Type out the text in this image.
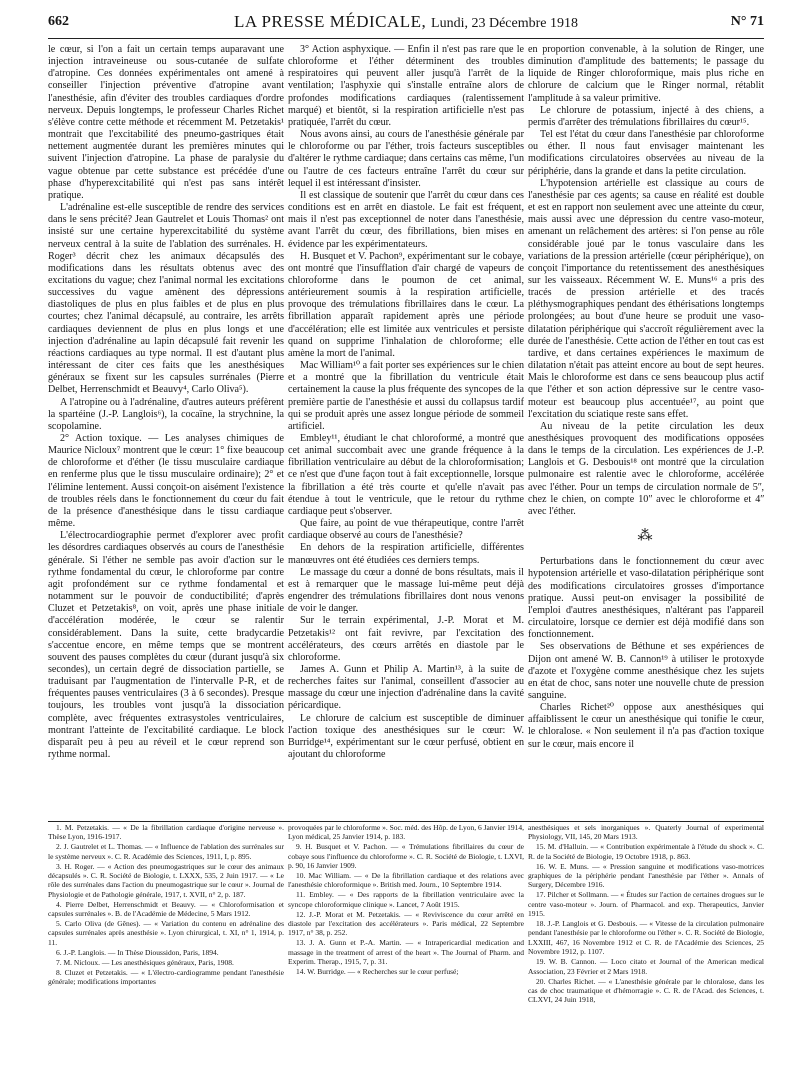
662	LA PRESSE MÉDICALE, Lundi, 23 Décembre 1918	N° 71

le cœur, si l'on a fait un certain temps auparavant une injection intraveineuse ou sous-cutanée de sulfate d'atropine. Ces données expérimentales ont amené à conseiller l'injection préventive d'atropine avant l'anesthésie, afin d'éviter des troubles cardiaques d'ordre nerveux. Depuis longtemps, le professeur Charles Richet s'élève contre cette méthode et récemment M. Petzetakis¹ montrait que l'excitabilité des pneumo-gastriques était nettement augmentée durant les premières minutes qui suivent l'injection d'atropine. La phase de paralysie du vague obtenue par cette substance est précédée d'une phase d'hyperexcitabilité qui n'est pas sans intérêt pratique.

L'adrénaline est-elle susceptible de rendre des services dans le sens précité? Jean Gautrelet et Louis Thomas² ont insisté sur une certaine hyperexcitabilité du système nerveux central à la suite de l'ablation des surrénales. H. Roger³ décrit chez les animaux décapsulés des modifications dans les résultats obtenus avec des excitations du vague; chez l'animal normal les excitations successives du vague amènent des dépressions diastoliques de plus en plus faibles et de plus en plus courtes; chez l'animal décapsulé, au contraire, les arrêts cardiaques deviennent de plus en plus longs et une injection d'adrénaline au lapin décapsulé fait revenir les réactions cardiaques au type normal. Il est d'autant plus intéressant de citer ces faits que les anesthésiques généraux se fixent sur les capsules surrénales (Pierre Delbet, Herrenschmidt et Beauvy⁴, Carlo Oliva⁵).

A l'atropine ou à l'adrénaline, d'autres auteurs préfèrent la spartéine (J.-P. Langlois⁶), la cocaïne, la strychnine, la scopolamine.

2° Action toxique. — Les analyses chimiques de Maurice Nicloux⁷ montrent que le cœur: 1° fixe beaucoup de chloroforme et d'éther (le tissu musculaire cardiaque en renferme plus que le tissu musculaire ordinaire); 2° et l'élimine lentement. Aussi conçoit-on aisément l'existence de troubles réels dans le fonctionnement du cœur du fait de la présence d'anesthésique dans le tissu cardiaque même.

L'électrocardiographie permet d'explorer avec profit les désordres cardiaques observés au cours de l'anesthésie générale. Si l'éther ne semble pas avoir d'action sur le rythme fondamental du cœur, le chloroforme par contre agit profondément sur ce rythme fondamental et notamment sur le pouvoir de conductibilité; d'après Cluzet et Petzetakis⁸, on voit, après une phase initiale d'accélération modérée, le cœur se ralentir considérablement. Dans la suite, cette bradycardie s'accentue encore, en même temps que se montrent souvent des pauses complètes du cœur (durant jusqu'à six secondes), un certain degré de dissociation partielle, se traduisant par l'augmentation de l'intervalle P-R, et de fréquentes pauses ventriculaires (3 à 6 secondes). Presque toujours, les troubles vont jusqu'à la dissociation complète, avec fréquentes extrasystoles ventriculaires, montrant l'atteinte de l'excitabilité cardiaque. Le block disparaît peu à peu au réveil et le cœur reprend son rythme normal.

3° Action asphyxique. — Enfin il n'est pas rare que le chloroforme et l'éther déterminent des troubles respiratoires qui peuvent aller jusqu'à l'arrêt de la ventilation; l'asphyxie qui s'installe entraîne alors de profondes modifications cardiaques (ralentissement marqué) et bientôt, si la respiration artificielle n'est pas pratiquée, l'arrêt du cœur.

Nous avons ainsi, au cours de l'anesthésie générale par le chloroforme ou par l'éther, trois facteurs susceptibles d'altérer le rythme cardiaque; dans certains cas même, l'un ou l'autre de ces facteurs entraîne l'arrêt du cœur sur lequel il est intéressant d'insister.

Il est classique de soutenir que l'arrêt du cœur dans ces conditions est en arrêt en diastole. Le fait est fréquent, mais il n'est pas exceptionnel de noter dans l'anesthésie, avant l'arrêt du cœur, des fibrillations, bien mises en évidence par les expérimentateurs.

H. Busquet et V. Pachon⁹, expérimentant sur le cobaye, ont montré que l'insufflation d'air chargé de vapeurs de chloroforme dans le poumon de cet animal, antérieurement soumis à la respiration artificielle, provoque des trémulations fibrillaires dans le cœur. La fibrillation apparaît rapidement après une période d'accélération; elle est limitée aux ventricules et persiste quand on supprime l'inhalation de chloroforme; elle amène la mort de l'animal.

Mac William¹⁰ a fait porter ses expériences sur le chien et a montré que la fibrillation du ventricule était certainement la cause la plus fréquente des syncopes de la première partie de l'anesthésie et aussi du collapsus tardif qui se produit après une assez longue période de sommeil artificiel.

Embley¹¹, étudiant le chat chloroformé, a montré que cet animal succombait avec une grande fréquence à la fibrillation ventriculaire au début de la chloroformisation; ce n'est que d'une façon tout à fait exceptionnelle, lorsque la fibrillation a été très courte et qu'elle n'avait pas étendue à tout le ventricule, que le retour du rythme cardiaque peut s'observer.

Que faire, au point de vue thérapeutique, contre l'arrêt cardiaque observé au cours de l'anesthésie?

En dehors de la respiration artificielle, différentes manœuvres ont été étudiées ces derniers temps.

Le massage du cœur a donné de bons résultats, mais il est à remarquer que le massage lui-même peut déjà engendrer des trémulations fibrillaires dont nous venons de voir le danger.

Sur le terrain expérimental, J.-P. Morat et M. Petzetakis¹² ont fait revivre, par l'excitation des accélérateurs, des cœurs arrêtés en diastole par le chloroforme.

James A. Gunn et Philip A. Martin¹³, à la suite de recherches faites sur l'animal, conseillent d'associer au massage du cœur une injection d'adrénaline dans la cavité péricardique.

Le chlorure de calcium est susceptible de diminuer l'action toxique des anesthésiques sur le cœur: W. Burridge¹⁴, expérimentant sur le cœur perfusé, obtient en ajoutant du chloroforme

en proportion convenable, à la solution de Ringer, une diminution d'amplitude des battements; le passage du liquide de Ringer chloroformique, mais plus riche en chlorure de calcium que le Ringer normal, rétablit l'amplitude à sa valeur primitive.

Le chlorure de potassium, injecté à des chiens, a permis d'arrêter des trémulations fibrillaires du cœur¹⁵.

Tel est l'état du cœur dans l'anesthésie par chloroforme ou éther. Il nous faut envisager maintenant les modifications circulatoires observées au niveau de la périphérie, dans la grande et dans la petite circulation.

L'hypotension artérielle est classique au cours de l'anesthésie par ces agents; sa cause en réalité est double et est en rapport non seulement avec une atteinte du cœur, mais aussi avec une dépression du centre vaso-moteur, amenant un relâchement des artères: si l'on pense au rôle considérable joué par le tonus vasculaire dans les variations de la pression artérielle (cœur périphérique), on conçoit l'importance du retentissement des anesthésiques sur les vaisseaux. Récemment W. E. Muns¹⁶ a pris des tracés de pression artérielle et des tracés pléthysmographiques pendant des éthérisations longtemps prolongées; au bout d'une heure se produit une vaso-dilatation périphérique qui s'accroît régulièrement avec la durée de l'anesthésie. Cette action de l'éther en tout cas est tardive, et dans certaines expériences le maximum de dilatation n'était pas atteint encore au bout de sept heures. Mais le chloroforme est dans ce sens beaucoup plus actif que l'éther et son action dépressive sur le centre vaso-moteur est beaucoup plus accentuée¹⁷, au point que l'excitation du sciatique reste sans effet.

Au niveau de la petite circulation les deux anesthésiques provoquent des modifications opposées dans le temps de la circulation. Les expériences de J.-P. Langlois et G. Desbouis¹⁸ ont montré que la circulation pulmonaire est ralentie avec le chloroforme, accélérée avec l'éther. Pour un temps de circulation normale de 5ʺ, chez le chien, on compte 10ʺ avec le chloroforme et 4ʺ avec l'éther.

⁂

Perturbations dans le fonctionnement du cœur avec hypotension artérielle et vaso-dilatation périphérique sont des modifications circulatoires grosses d'importance pratique. Aussi peut-on envisager la possibilité de l'emploi d'autres anesthésiques, n'altérant pas l'appareil circulatoire, lorsque ce dernier est déjà modifié dans son fonctionnement.

Ses observations de Béthune et ses expériences de Dijon ont amené W. B. Cannon¹⁹ à utiliser le protoxyde d'azote et l'oxygène comme anesthésique chez les sujets en état de choc, sans noter une nouvelle chute de pression sanguine.

Charles Richet²⁰ oppose aux anesthésiques qui affaiblissent le cœur un anesthésique qui tonifie le cœur, le chloralose. « Non seulement il n'a pas d'action toxique sur le cœur, mais encore il

1. M. Petzetakis. — « De la fibrillation cardiaque d'origine nerveuse ». Thèse Lyon, 1916-1917.

2. J. Gautrelet et L. Thomas. — « Influence de l'ablation des surrénales sur le système nerveux ». C. R. Académie des Sciences, 1911, I, p. 895.

3. H. Roger. — « Action des pneumogastriques sur le cœur des animaux décapsulés ». C. R. Société de Biologie, t. LXXX, 535, 2 Juin 1917. — « Le rôle des surrénales dans l'action du pneumogastrique sur le cœur ». Journal de Physiologie et de Pathologie générale, 1917, t. XVII, n° 2, p. 187.

4. Pierre Delbet, Herrenschmidt et Beauvy. — « Chloroformisation et capsules surrénales ». B. de l'Académie de Médecine, 5 Mars 1912.

5. Carlo Oliva (de Gênes). — « Variation du contenu en adrénaline des capsules surrénales après anesthésie ». Lyon chirurgical, t. XI, n° 1, 1914, p. 11.

6. J.-P. Langlois. — In Thèse Dioussidon, Paris, 1894.

7. M. Nicloux. — Les anesthésiques généraux, Paris, 1908.

8. Cluzet et Petzetakis. — « L'électro-cardiogramme pendant l'anesthésie générale; modifications importantes

provoquées par le chloroforme ». Soc. méd. des Hôp. de Lyon, 6 Janvier 1914, Lyon médical, 25 Janvier 1914, p. 183.

9. H. Busquet et V. Pachon. — « Trémulations fibrillaires du cœur de cobaye sous l'influence du chloroforme ». C. R. Société de Biologie, t. LXVI, p. 90, 16 Janvier 1909.

10. Mac William. — « De la fibrillation cardiaque et des relations avec l'anesthésie chloroformique ». British med. Journ., 10 Septembre 1914.

11. Embley. — « Des rapports de la fibrillation ventriculaire avec la syncope chloroformique clinique ». Lancet, 7 Août 1915.

12. J.-P. Morat et M. Petzetakis. — « Reviviscence du cœur arrêté en diastole par l'excitation des accélérateurs ». Paris médical, 22 Septembre 1917, n° 38, p. 252.

13. J. A. Gunn et P.-A. Martin. — « Intrapericardial medication and massage in the treatment of arrest of the heart ». The Journal of Pharm. and Experim. Therap., 1915, 7, p. 31.

14. W. Burridge. — « Recherches sur le cœur perfusé;

anesthésiques et sels inorganiques ». Quaterly Journal of experimental Physiology, VII, 145, 20 Mars 1913.

15. M. d'Halluin. — « Contribution expérimentale à l'étude du shock ». C. R. de la Société de Biologie, 19 Octobre 1918, p. 863.

16. W. E. Muns. — « Pression sanguine et modifications vaso-motrices graphiques de la périphérie pendant l'anesthésie par l'éther ». Annals of Surgery, Décembre 1916.

17. Pilcher et Sollmann. — « Études sur l'action de certaines drogues sur le centre vaso-moteur ». Journ. of Pharmacol. and exp. Therapeutics, Janvier 1915.

18. J.-P. Langlois et G. Desbouis. — « Vitesse de la circulation pulmonaire pendant l'anesthésie par le chloroforme ou l'éther ». C. R. Société de Biologie, LXXIII, 467, 16 Novembre 1912 et C. R. de l'Académie des Sciences, 25 Novembre 1912, p. 1107.

19. W. B. Cannon. — Loco citato et Journal of the American medical Association, 23 Février et 2 Mars 1918.

20. Charles Richet. — « L'anesthésie générale par le chloralose, dans les cas de choc traumatique et d'hémorragie ». C. R. de l'Acad. des Sciences, t. CLXVI, 24 Juin 1918,
